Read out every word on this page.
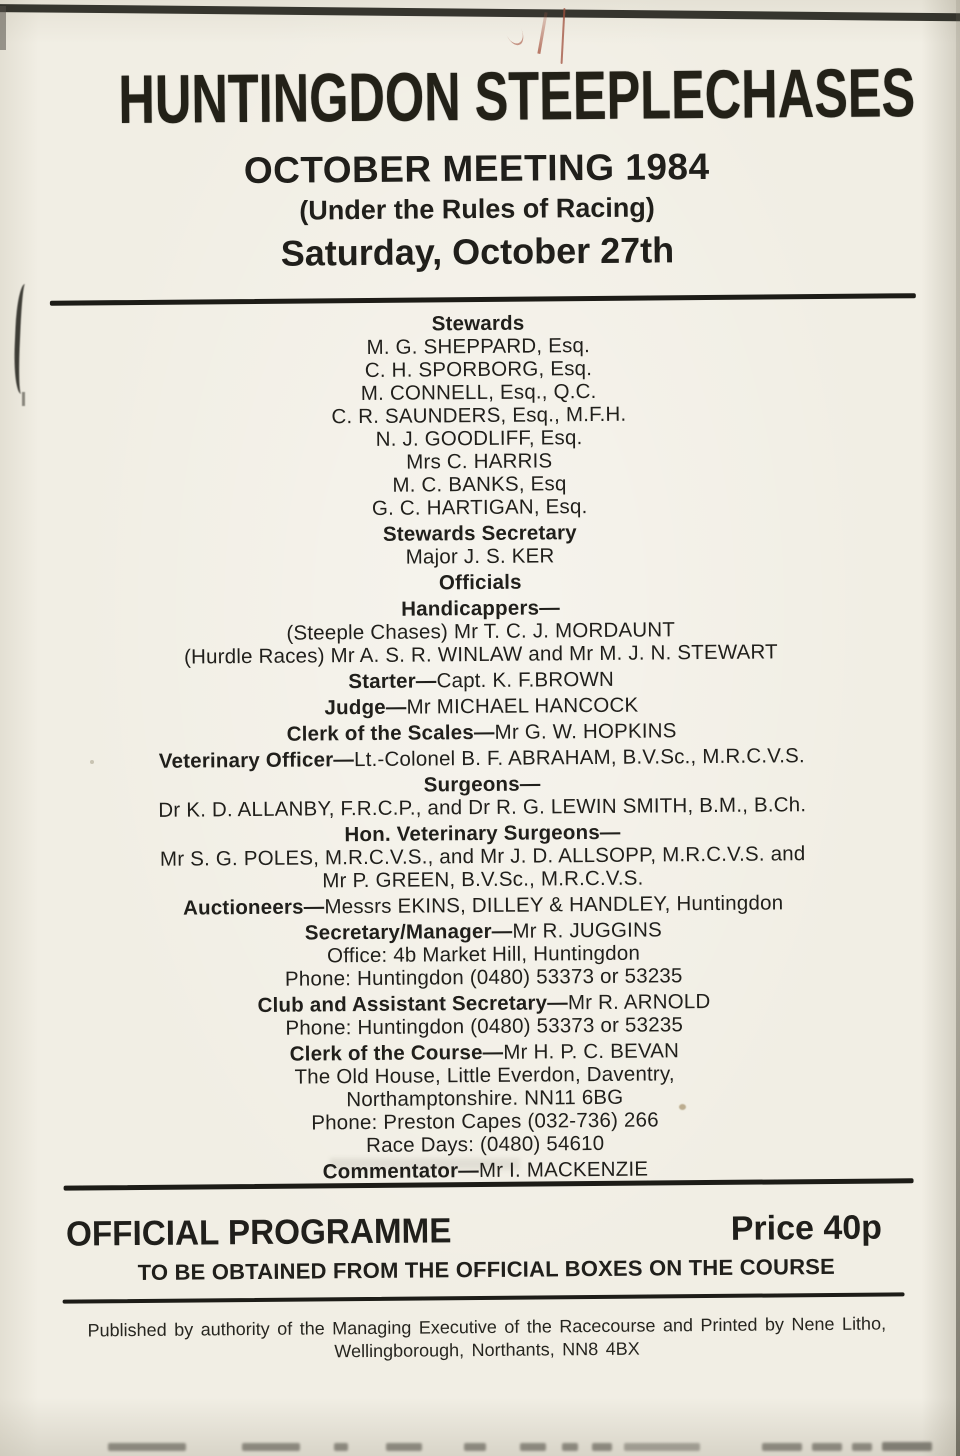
HUNTINGDON STEEPLECHASES
OCTOBER MEETING 1984
(Under the Rules of Racing)
Saturday, October 27th
Stewards
M. G. SHEPPARD, Esq.
C. H. SPORBORG, Esq.
M. CONNELL, Esq., Q.C.
C. R. SAUNDERS, Esq., M.F.H.
N. J. GOODLIFF, Esq.
Mrs C. HARRIS
M. C. BANKS, Esq
G. C. HARTIGAN, Esq.
Stewards Secretary
Major J. S. KER
Officials
Handicappers—
(Steeple Chases) Mr T. C. J. MORDAUNT
(Hurdle Races) Mr A. S. R. WINLAW and Mr M. J. N. STEWART
Starter—Capt. K. F.BROWN
Judge—Mr MICHAEL HANCOCK
Clerk of the Scales—Mr G. W. HOPKINS
Veterinary Officer—Lt.-Colonel B. F. ABRAHAM, B.V.Sc., M.R.C.V.S.
Surgeons—
Dr K. D. ALLANBY, F.R.C.P., and Dr R. G. LEWIN SMITH, B.M., B.Ch.
Hon. Veterinary Surgeons—
Mr S. G. POLES, M.R.C.V.S., and Mr J. D. ALLSOPP, M.R.C.V.S. and
Mr P. GREEN, B.V.Sc., M.R.C.V.S.
Auctioneers—Messrs EKINS, DILLEY & HANDLEY, Huntingdon
Secretary/Manager—Mr R. JUGGINS
Office: 4b Market Hill, Huntingdon
Phone: Huntingdon (0480) 53373 or 53235
Club and Assistant Secretary—Mr R. ARNOLD
Phone: Huntingdon (0480) 53373 or 53235
Clerk of the Course—Mr H. P. C. BEVAN
The Old House, Little Everdon, Daventry,
Northamptonshire. NN11 6BG
Phone: Preston Capes (032-736) 266
Race Days: (0480) 54610
Commentator—Mr I. MACKENZIE
OFFICIAL PROGRAMME	Price 40p
TO BE OBTAINED FROM THE OFFICIAL BOXES ON THE COURSE
Published by authority of the Managing Executive of the Racecourse and Printed by Nene Litho,
Wellingborough, Northants, NN8 4BX
